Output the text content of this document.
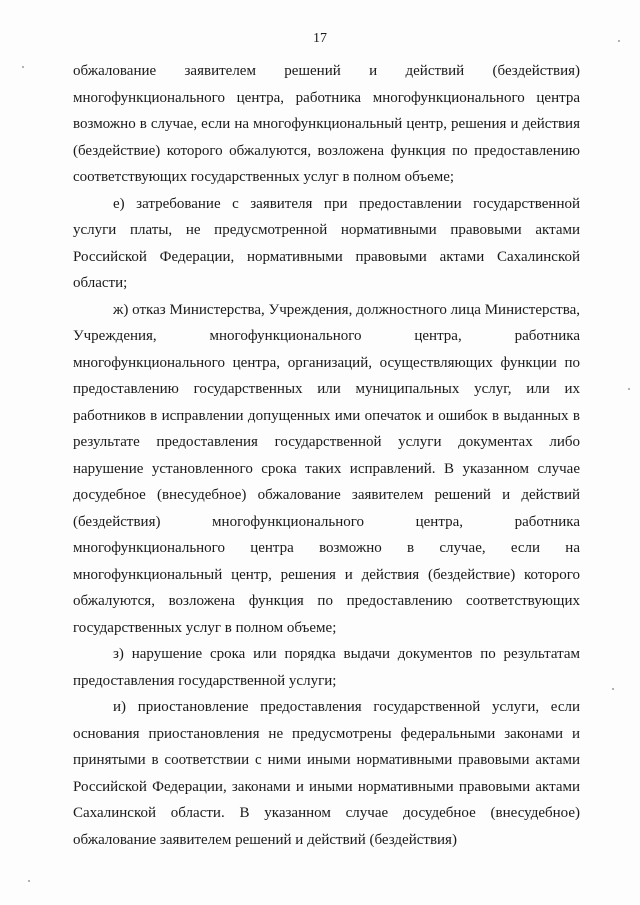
17

обжалование заявителем решений и действий (бездействия) многофункционального центра, работника многофункционального центра возможно в случае, если на многофункциональный центр, решения и действия (бездействие) которого обжалуются, возложена функция по предоставлению соответствующих государственных услуг в полном объеме;

е) затребование с заявителя при предоставлении государственной услуги платы, не предусмотренной нормативными правовыми актами Российской Федерации, нормативными правовыми актами Сахалинской области;

ж) отказ Министерства, Учреждения, должностного лица Министерства, Учреждения, многофункционального центра, работника многофункционального центра, организаций, осуществляющих функции по предоставлению государственных или муниципальных услуг, или их работников в исправлении допущенных ими опечаток и ошибок в выданных в результате предоставления государственной услуги документах либо нарушение установленного срока таких исправлений. В указанном случае досудебное (внесудебное) обжалование заявителем решений и действий (бездействия) многофункционального центра, работника многофункционального центра возможно в случае, если на многофункциональный центр, решения и действия (бездействие) которого обжалуются, возложена функция по предоставлению соответствующих государственных услуг в полном объеме;

з) нарушение срока или порядка выдачи документов по результатам предоставления государственной услуги;

и) приостановление предоставления государственной услуги, если основания приостановления не предусмотрены федеральными законами и принятыми в соответствии с ними иными нормативными правовыми актами Российской Федерации, законами и иными нормативными правовыми актами Сахалинской области. В указанном случае досудебное (внесудебное) обжалование заявителем решений и действий (бездействия)
